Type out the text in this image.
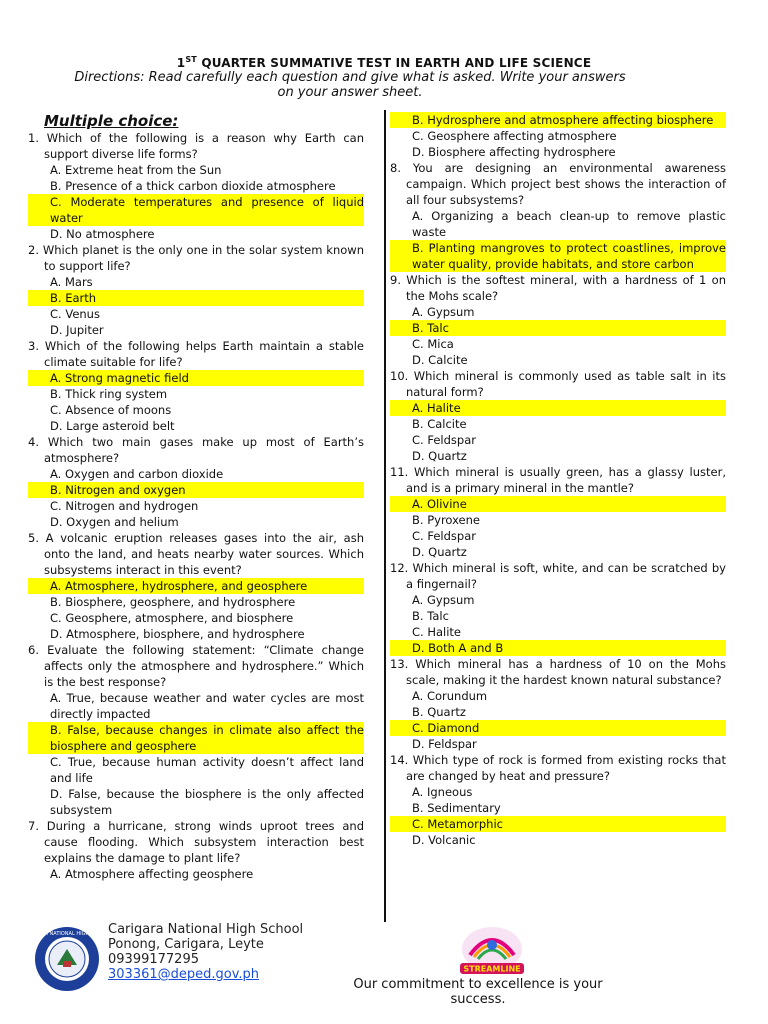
1ST QUARTER SUMMATIVE TEST IN EARTH AND LIFE SCIENCE
Directions: Read carefully each question and give what is asked. Write your answers
on your answer sheet.
Multiple choice:
1. Which of the following is a reason why Earth can support diverse life forms?
A. Extreme heat from the Sun
B. Presence of a thick carbon dioxide atmosphere
C. Moderate temperatures and presence of liquid water
D. No atmosphere
2. Which planet is the only one in the solar system known to support life?
A. Mars
B. Earth
C. Venus
D. Jupiter
3. Which of the following helps Earth maintain a stable climate suitable for life?
A. Strong magnetic field
B. Thick ring system
C. Absence of moons
D. Large asteroid belt
4. Which two main gases make up most of Earth’s atmosphere?
A. Oxygen and carbon dioxide
B. Nitrogen and oxygen
C. Nitrogen and hydrogen
D. Oxygen and helium
5. A volcanic eruption releases gases into the air, ash onto the land, and heats nearby water sources. Which subsystems interact in this event?
A. Atmosphere, hydrosphere, and geosphere
B. Biosphere, geosphere, and hydrosphere
C. Geosphere, atmosphere, and biosphere
D. Atmosphere, biosphere, and hydrosphere
6. Evaluate the following statement: “Climate change affects only the atmosphere and hydrosphere.” Which is the best response?
A. True, because weather and water cycles are most directly impacted
B. False, because changes in climate also affect the biosphere and geosphere
C. True, because human activity doesn’t affect land and life
D. False, because the biosphere is the only affected subsystem
7. During a hurricane, strong winds uproot trees and cause flooding. Which subsystem interaction best explains the damage to plant life?
A. Atmosphere affecting geosphere
B. Hydrosphere and atmosphere affecting biosphere
C. Geosphere affecting atmosphere
D. Biosphere affecting hydrosphere
8. You are designing an environmental awareness campaign. Which project best shows the interaction of all four subsystems?
A. Organizing a beach clean-up to remove plastic waste
B. Planting mangroves to protect coastlines, improve water quality, provide habitats, and store carbon
9. Which is the softest mineral, with a hardness of 1 on the Mohs scale?
A. Gypsum
B. Talc
C. Mica
D. Calcite
10. Which mineral is commonly used as table salt in its natural form?
A. Halite
B. Calcite
C. Feldspar
D. Quartz
11. Which mineral is usually green, has a glassy luster, and is a primary mineral in the mantle?
A. Olivine
B. Pyroxene
C. Feldspar
D. Quartz
12. Which mineral is soft, white, and can be scratched by a fingernail?
A. Gypsum
B. Talc
C. Halite
D. Both A and B
13. Which mineral has a hardness of 10 on the Mohs scale, making it the hardest known natural substance?
A. Corundum
B. Quartz
C. Diamond
D. Feldspar
14. Which type of rock is formed from existing rocks that are changed by heat and pressure?
A. Igneous
B. Sedimentary
C. Metamorphic
D. Volcanic
CARIGARA NATIONAL HIGH SCHOOL
Carigara National High School
Ponong, Carigara, Leyte
09399177295
303361@deped.gov.ph	STREAMLINE
Our commitment to excellence is your success.
